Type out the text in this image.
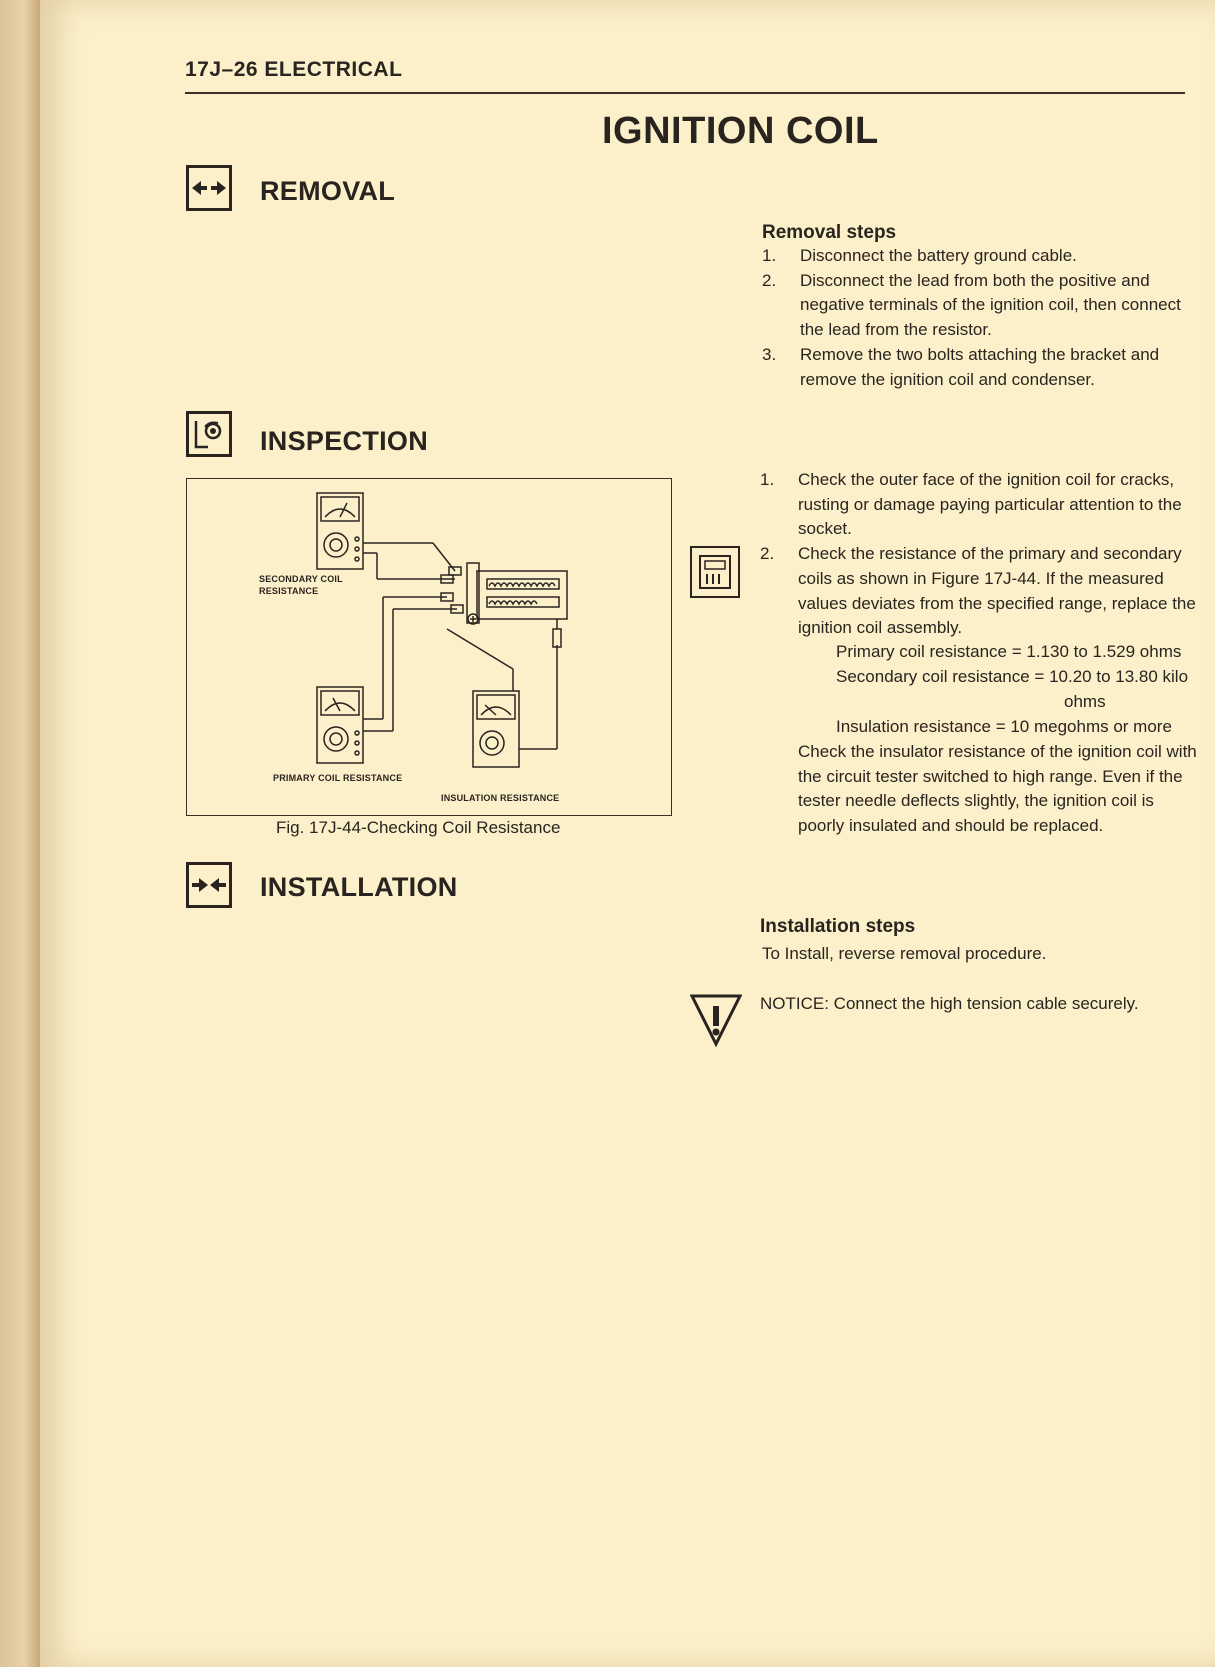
17J–26 ELECTRICAL
IGNITION COIL
REMOVAL
Removal steps
1.	Disconnect the battery ground cable.
2.	Disconnect the lead from both the positive and negative terminals of the ignition coil, then connect the lead from the resistor.
3.	Remove the two bolts attaching the bracket and remove the ignition coil and condenser.
INSPECTION
SECONDARY COIL
RESISTANCE
PRIMARY COIL RESISTANCE
INSULATION RESISTANCE
Fig. 17J-44-Checking Coil Resistance
1.	Check the outer face of the ignition coil for cracks, rusting or damage paying particular attention to the socket.
2.	Check the resistance of the primary and secondary coils as shown in Figure 17J-44. If the measured values deviates from the specified range, replace the ignition coil assembly.
Primary coil resistance = 1.130 to 1.529 ohms
Secondary coil resistance = 10.20 to 13.80 kilo
ohms
Insulation resistance = 10 megohms or more
Check the insulator resistance of the ignition coil with the circuit tester switched to high range. Even if the tester needle deflects slightly, the ignition coil is poorly insulated and should be replaced.
INSTALLATION
Installation steps
To Install, reverse removal procedure.
NOTICE: Connect the high tension cable securely.
